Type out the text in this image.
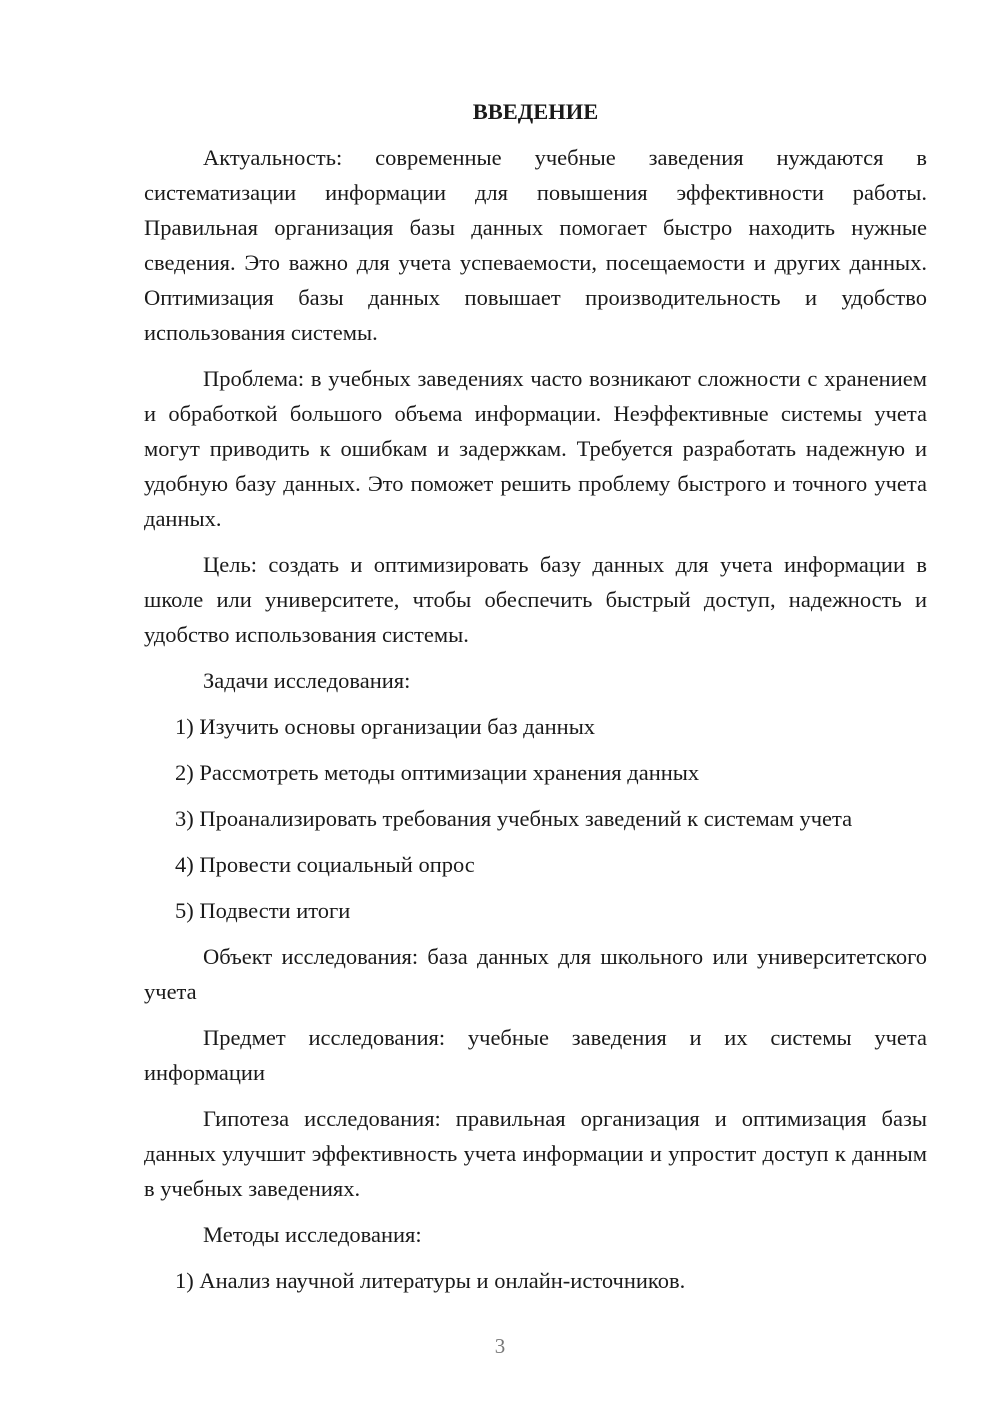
ВВЕДЕНИЕ

Актуальность: современные учебные заведения нуждаются в систематизации информации для повышения эффективности работы. Правильная организация базы данных помогает быстро находить нужные сведения. Это важно для учета успеваемости, посещаемости и других данных. Оптимизация базы данных повышает производительность и удобство использования системы.

Проблема: в учебных заведениях часто возникают сложности с хранением и обработкой большого объема информации. Неэффективные системы учета могут приводить к ошибкам и задержкам. Требуется разработать надежную и удобную базу данных. Это поможет решить проблему быстрого и точного учета данных.

Цель: создать и оптимизировать базу данных для учета информации в школе или университете, чтобы обеспечить быстрый доступ, надежность и удобство использования системы.

Задачи исследования:

1) Изучить основы организации баз данных
2) Рассмотреть методы оптимизации хранения данных
3) Проанализировать требования учебных заведений к системам учета
4) Провести социальный опрос
5) Подвести итоги

Объект исследования: база данных для школьного или университетского учета

Предмет исследования: учебные заведения и их системы учета информации

Гипотеза исследования: правильная организация и оптимизация базы данных улучшит эффективность учета информации и упростит доступ к данным в учебных заведениях.

Методы исследования:

1) Анализ научной литературы и онлайн-источников.
3
